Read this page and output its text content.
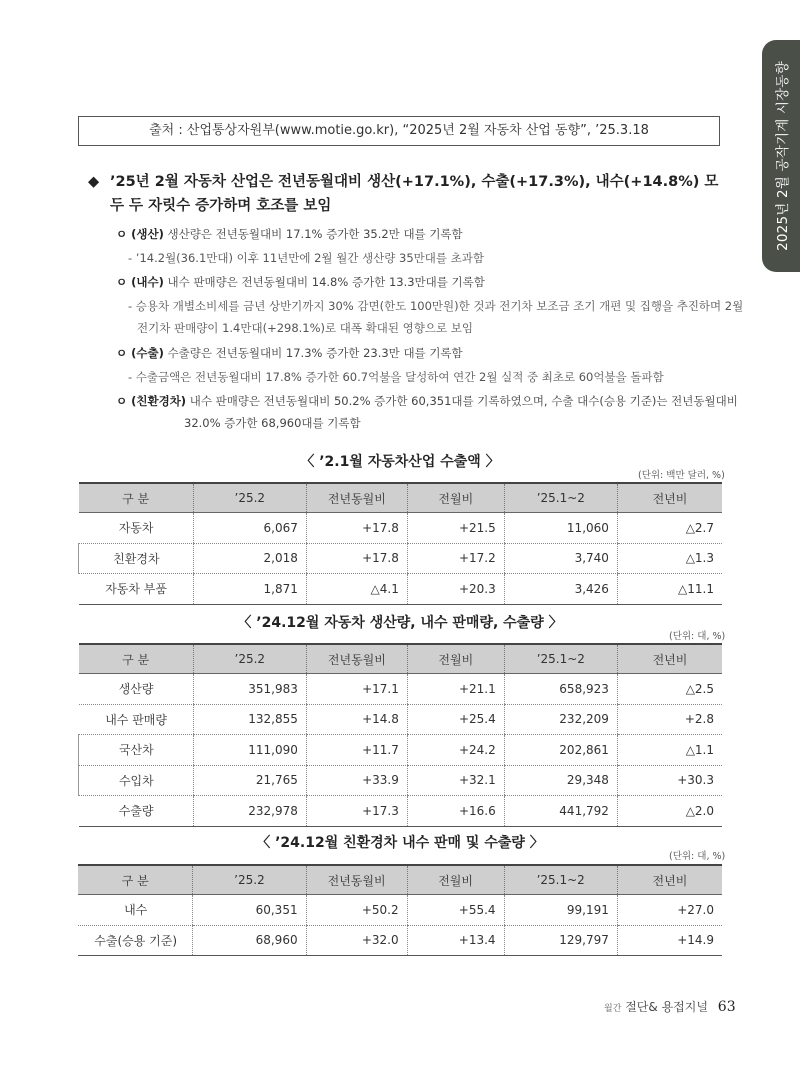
2025년 2월 공작기계 시장동향
출처 : 산업통상자원부(www.motie.go.kr), “2025년 2월 자동차 산업 동향”, ’25.3.18
◆ ’25년 2월 자동차 산업은 전년동월대비 생산(+17.1%), 수출(+17.3%), 내수(+14.8%) 모두 두 자릿수 증가하며 호조를 보임
ㅇ (생산) 생산량은 전년동월대비 17.1% 증가한 35.2만 대를 기록함
- ’14.2월(36.1만대) 이후 11년만에 2월 월간 생산량 35만대를 초과함
ㅇ (내수) 내수 판매량은 전년동월대비 14.8% 증가한 13.3만대를 기록함
- 승용차 개별소비세를 금년 상반기까지 30% 감면(한도 100만원)한 것과 전기차 보조금 조기 개편 및 집행을 추진하며 2월
전기차 판매량이 1.4만대(+298.1%)로 대폭 확대된 영향으로 보임
ㅇ (수출) 수출량은 전년동월대비 17.3% 증가한 23.3만 대를 기록함
- 수출금액은 전년동월대비 17.8% 증가한 60.7억불을 달성하여 연간 2월 실적 중 최초로 60억불을 돌파함
ㅇ (친환경차) 내수 판매량은 전년동월대비 50.2% 증가한 60,351대를 기록하였으며, 수출 대수(승용 기준)는 전년동월대비
32.0% 증가한 68,960대를 기록함
〈 ’2.1월 자동차산업 수출액 〉
(단위: 백만 달러, %)
구 분	’25.2	전년동월비	전월비	’25.1~2	전년비
자동차	6,067	+17.8	+21.5	11,060	△2.7
친환경차	2,018	+17.8	+17.2	3,740	△1.3
자동차 부품	1,871	△4.1	+20.3	3,426	△11.1
〈 ’24.12월 자동차 생산량, 내수 판매량, 수출량 〉
(단위: 대, %)
구 분	’25.2	전년동월비	전월비	’25.1~2	전년비
생산량	351,983	+17.1	+21.1	658,923	△2.5
내수 판매량	132,855	+14.8	+25.4	232,209	+2.8
국산차	111,090	+11.7	+24.2	202,861	△1.1
수입차	21,765	+33.9	+32.1	29,348	+30.3
수출량	232,978	+17.3	+16.6	441,792	△2.0
〈 ’24.12월 친환경차 내수 판매 및 수출량 〉
(단위: 대, %)
구 분	’25.2	전년동월비	전월비	’25.1~2	전년비
내수	60,351	+50.2	+55.4	99,191	+27.0
수출(승용 기준)	68,960	+32.0	+13.4	129,797	+14.9
월간 절단& 용접지널 63
